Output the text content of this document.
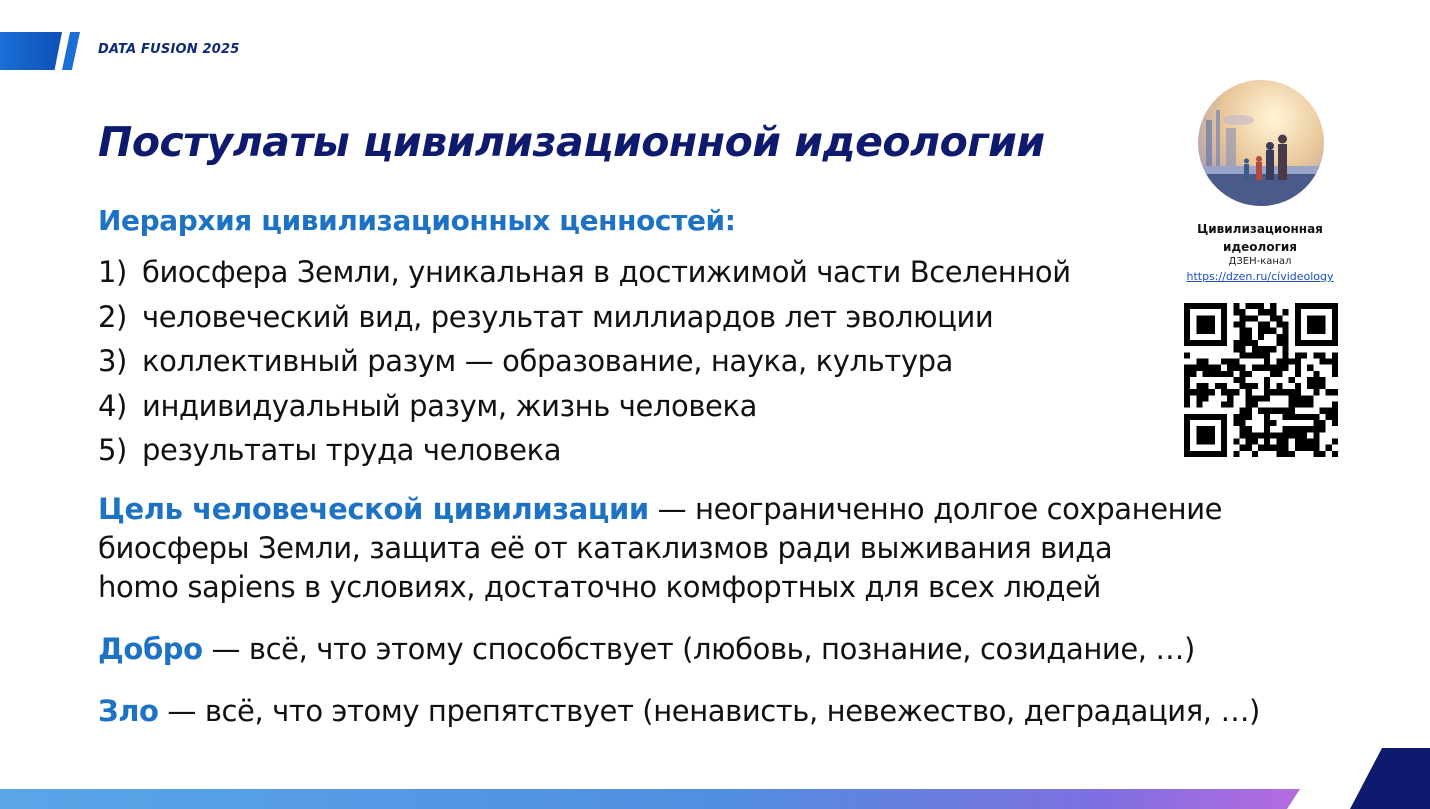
DATA FUSION 2025
Постулаты цивилизационной идеологии
Иерархия цивилизационных ценностей:
1) биосфера Земли, уникальная в достижимой части Вселенной
2) человеческий вид, результат миллиардов лет эволюции
3) коллективный разум — образование, наука, культура
4) индивидуальный разум, жизнь человека
5) результаты труда человека
Цель человеческой цивилизации — неограниченно долгое сохранение
биосферы Земли, защита её от катаклизмов ради выживания вида
homo sapiens в условиях, достаточно комфортных для всех людей
Добро — всё, что этому способствует (любовь, познание, созидание, …)
Зло — всё, что этому препятствует (ненависть, невежество, деградация, …)
Цивилизационная
идеология
ДЗЕН-канал
https://dzen.ru/cívideology
